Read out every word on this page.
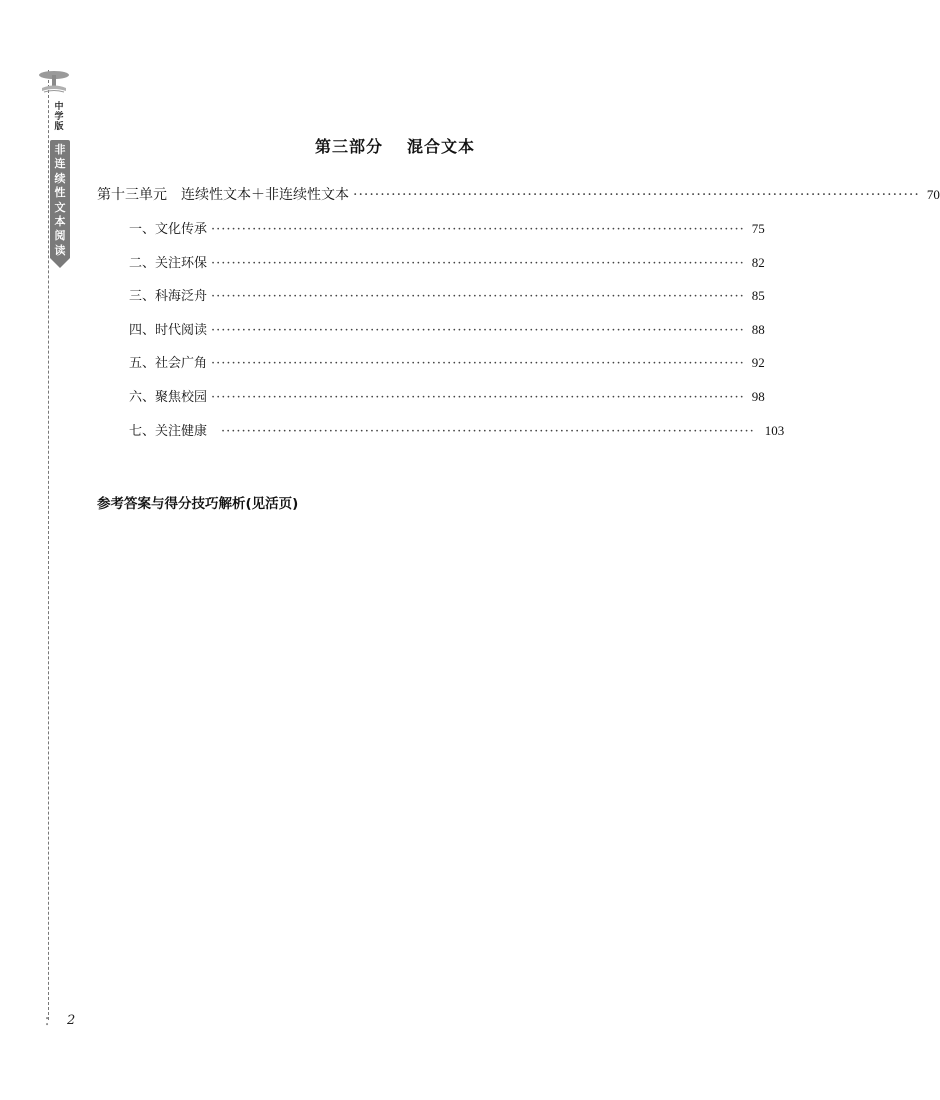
中学版
非连续性文本阅读
第三部分 混合文本
第十三单元　连续性文本＋非连续性文本 ········································································································ 70
一、文化传承 ········································································································ 75
二、关注环保 ········································································································ 82
三、科海泛舟 ········································································································ 85
四、时代阅读 ········································································································ 88
五、社会广角 ········································································································ 92
六、聚焦校园 ········································································································ 98
七、关注健康 ········································································································ 103
参考答案与得分技巧解析(见活页)
•
• 2
